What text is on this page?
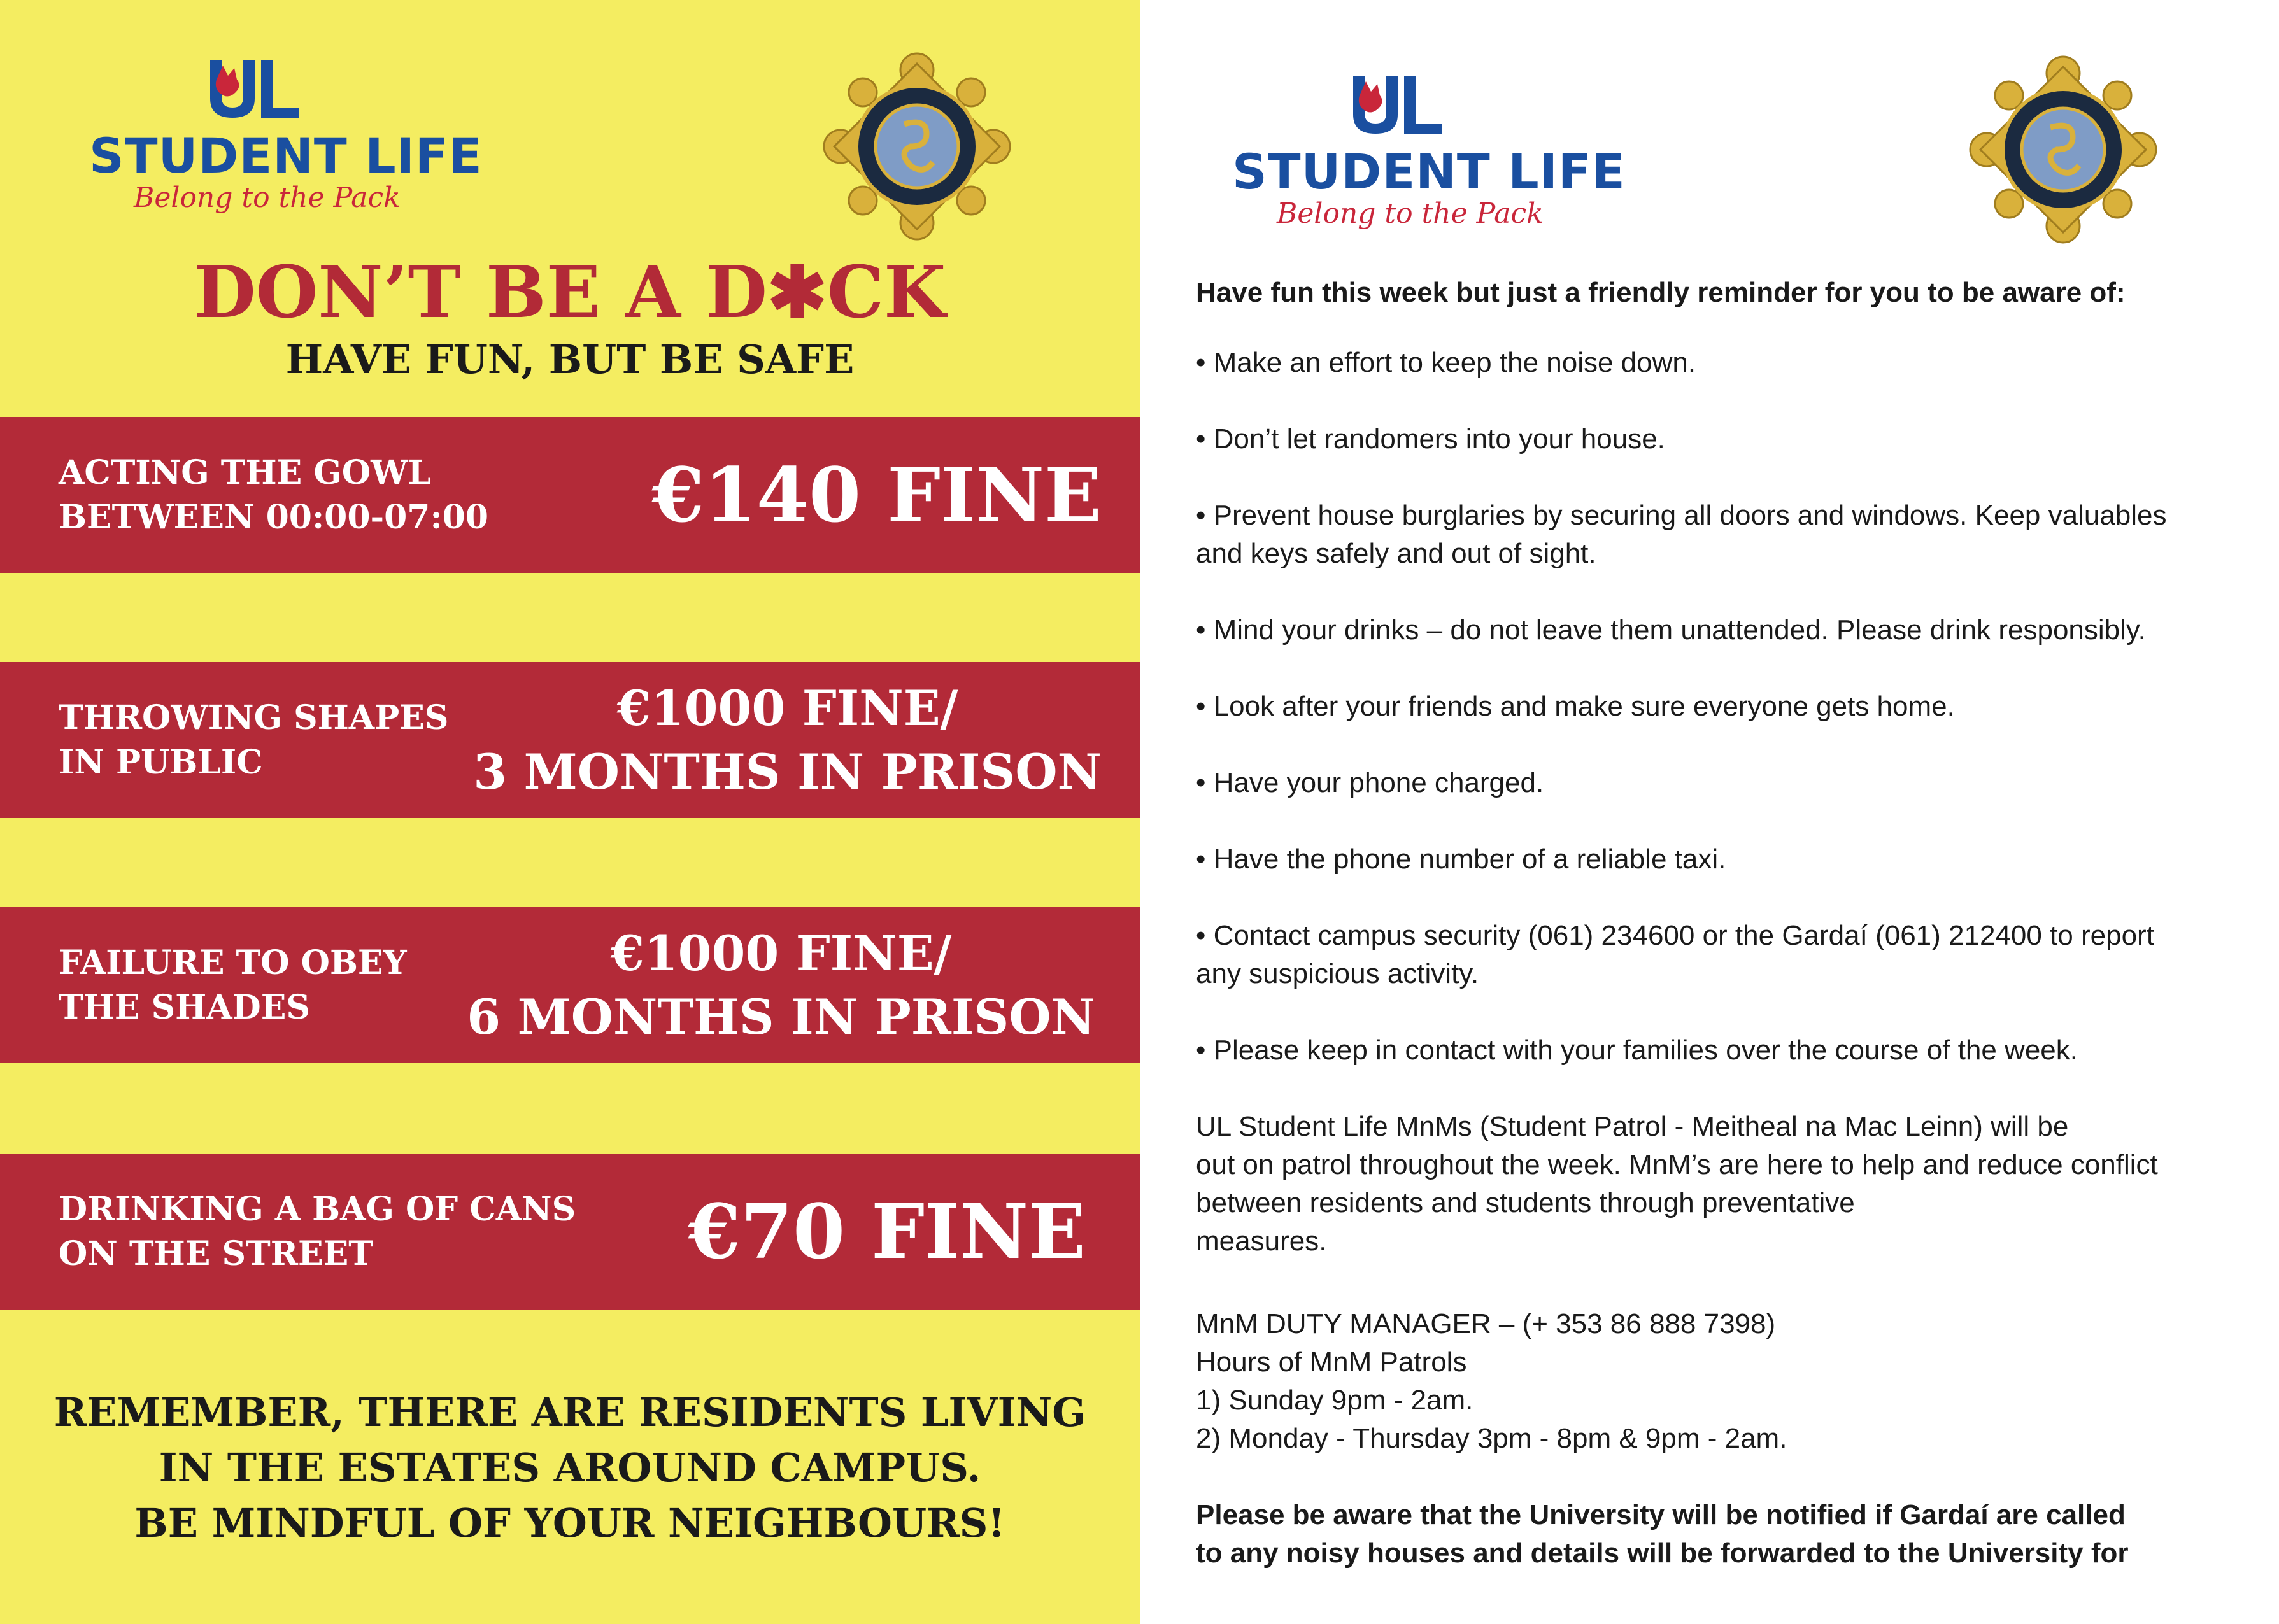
STUDENT LIFE
Belong to the Pack
DON’T BE A D✱CK
HAVE FUN, BUT BE SAFE
ACTING THE GOWL
BETWEEN 00:00-07:00	€140 FINE
THROWING SHAPES
IN PUBLIC
€1000 FINE/
3 MONTHS IN PRISON
FAILURE TO OBEY
THE SHADES
€1000 FINE/
6 MONTHS IN PRISON
DRINKING A BAG OF CANS
ON THE STREET	€70 FINE
REMEMBER, THERE ARE RESIDENTS LIVING
IN THE ESTATES AROUND CAMPUS.
BE MINDFUL OF YOUR NEIGHBOURS!
STUDENT LIFE
Belong to the Pack
Have fun this week but just a friendly reminder for you to be aware of:
• Make an effort to keep the noise down.
• Don’t let randomers into your house.
• Prevent house burglaries by securing all doors and windows. Keep valuables
and keys safely and out of sight.
• Mind your drinks – do not leave them unattended. Please drink responsibly.
• Look after your friends and make sure everyone gets home.
• Have your phone charged.
• Have the phone number of a reliable taxi.
• Contact campus security (061) 234600 or the Gardaí (061) 212400 to report
any suspicious activity.
• Please keep in contact with your families over the course of the week.
UL Student Life MnMs (Student Patrol - Meitheal na Mac Leinn) will be
out on patrol throughout the week. MnM’s are here to help and reduce conflict
between residents and students through preventative
measures.
MnM DUTY MANAGER – (+ 353 86 888 7398)
Hours of MnM Patrols
1) Sunday 9pm - 2am.
2) Monday - Thursday 3pm - 8pm & 9pm - 2am.
Please be aware that the University will be notified if Gardaí are called
to any noisy houses and details will be forwarded to the University for
